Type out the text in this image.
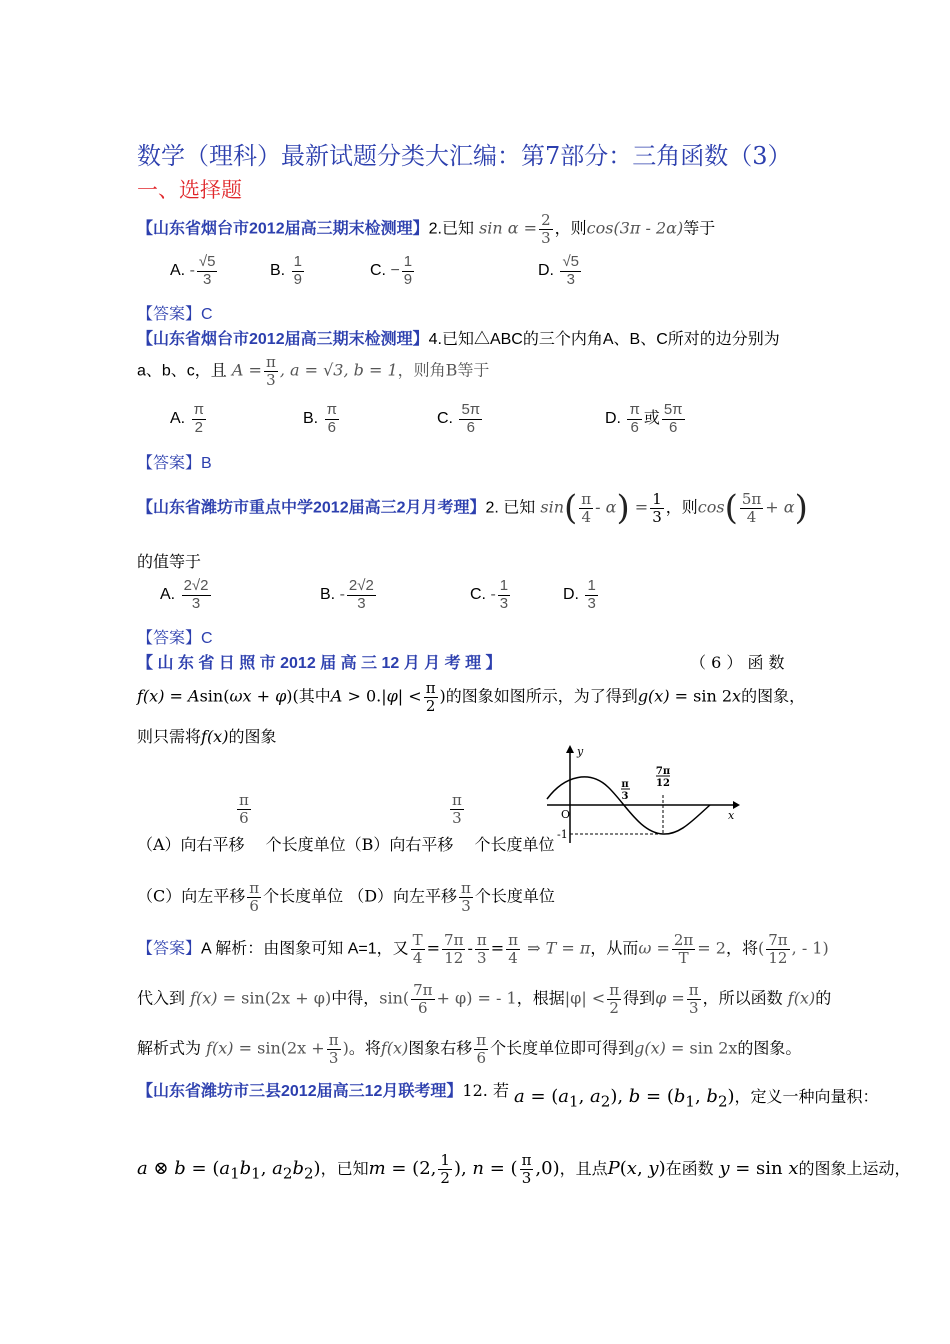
数学（理科）最新试题分类大汇编：第7部分：三角函数（3）
一、选择题
【山东省烟台市2012届高三期末检测理】2.已知 $\sin \alpha = \frac{2}{3}$ ，则cos(3π - 2α)等于
A. - $\frac{√5}{3}$	B. $\frac{1}{9}$	C. − $\frac{1}{9}$	D. $\frac{√5}{3}$
【答案】C
【山东省烟台市2012届高三期末检测理】4.已知△ABC的三个内角A、B、C所对的边分别为
a、b、c，且 $A = \frac{\pi}{3}$ , a = √3, b = 1，则角B等于
A. $\frac{\pi}{2}$	B. $\frac{\pi}{6}$	C. $\frac{5\pi}{6}$	D. $\frac{\pi}{6}$ 或 $\frac{5\pi}{6}$
【答案】B
【山东省潍坊市重点中学2012届高三2月月考理】2. 已知 $\sin( \frac{\pi}{4} - \alpha) = \frac{1}{3}$ ，则$\cos( \frac{5\pi}{4} + \alpha)$
的值等于
A. $\frac{2√2}{3}$	B. - $\frac{2√2}{3}$	C. - $\frac{1}{3}$	D. $\frac{1}{3}$
【答案】C
【 山 东 省 日 照 市 2012 届 高 三 12 月 月 考 理 】	（ 6 ） 函 数
f(x) = Asin(ωx + φ)(其中$A > 0.|\varphi| < \frac{\pi}{2}$ )的图象如图所示，为了得到g(x) = sin 2x的图象，
则只需将f(x)的图象
y
x
O
-1
π
3
7π
12
$\frac{\pi}{6}$	$\frac{\pi}{3}$
（A）向右平移　 个长度单位（B）向右平移　 个长度单位
（C）向左平移 $\frac{\pi}{6}$ 个长度单位 （D）向左平移 $\frac{\pi}{3}$ 个长度单位
【答案】A 解析：由图象可知 A=1，又 $\frac{T}{4} = \frac{7\pi}{12} - \frac{\pi}{3} = \frac{\pi}{4}$ ⇒ T = π，从而$\omega = \frac{2\pi}{T} = 2$，将( $\frac{7\pi}{12}$ , - 1)
代入到 f(x) = sin(2x + φ)中得，$\sin( \frac{7\pi}{6} + \varphi)$ = - 1，根据$|\varphi| < \frac{\pi}{2}$ 得到$\varphi = \frac{\pi}{3}$ ，所以函数 f(x)的
解析式为 $f(x) = \sin(2x + \frac{\pi}{3}$ )。将f(x)图象右移 $\frac{\pi}{6}$ 个长度单位即可得到g(x) = sin 2x的图象。
【山东省潍坊市三县2012届高三12月联考理】12. 若 $a = (a_1$, $a_2$), $b = (b_1$, $b_2$)，定义一种向量积：
a ⊗ $b = (a_1b_1$, $a_2b_2$)，已知m = (2, $\frac{1}{2}$ ), n = ( $\frac{\pi}{3} ,0$)，且点P(x, y)在函数 y = sin x的图象上运动，
